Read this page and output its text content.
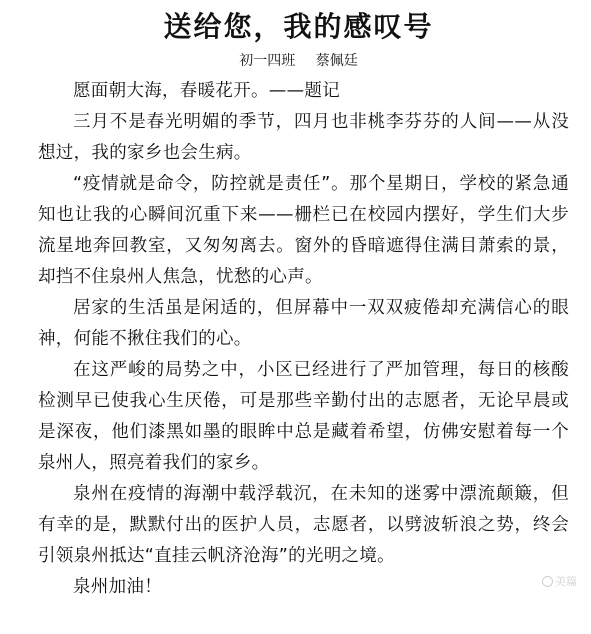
送给您，我的感叹号
初一四班 蔡佩廷

愿面朝大海，春暖花开。——题记

三月不是春光明媚的季节，四月也非桃李芬芬的人间——从没想过，我的家乡也会生病。

“疫情就是命令，防控就是责任”。那个星期日，学校的紧急通知也让我的心瞬间沉重下来——栅栏已在校园内摆好，学生们大步流星地奔回教室，又匆匆离去。窗外的昏暗遮得住满目萧索的景，却挡不住泉州人焦急，忧愁的心声。

居家的生活虽是闲适的，但屏幕中一双双疲倦却充满信心的眼神，何能不揪住我们的心。

在这严峻的局势之中，小区已经进行了严加管理，每日的核酸检测早已使我心生厌倦，可是那些辛勤付出的志愿者，无论早晨或是深夜，他们漆黑如墨的眼眸中总是藏着希望，仿佛安慰着每一个泉州人，照亮着我们的家乡。

泉州在疫情的海潮中载浮载沉，在未知的迷雾中漂流颠簸，但有幸的是，默默付出的医护人员，志愿者，以劈波斩浪之势，终会引领泉州抵达“直挂云帆济沧海”的光明之境。

泉州加油！	美篇
